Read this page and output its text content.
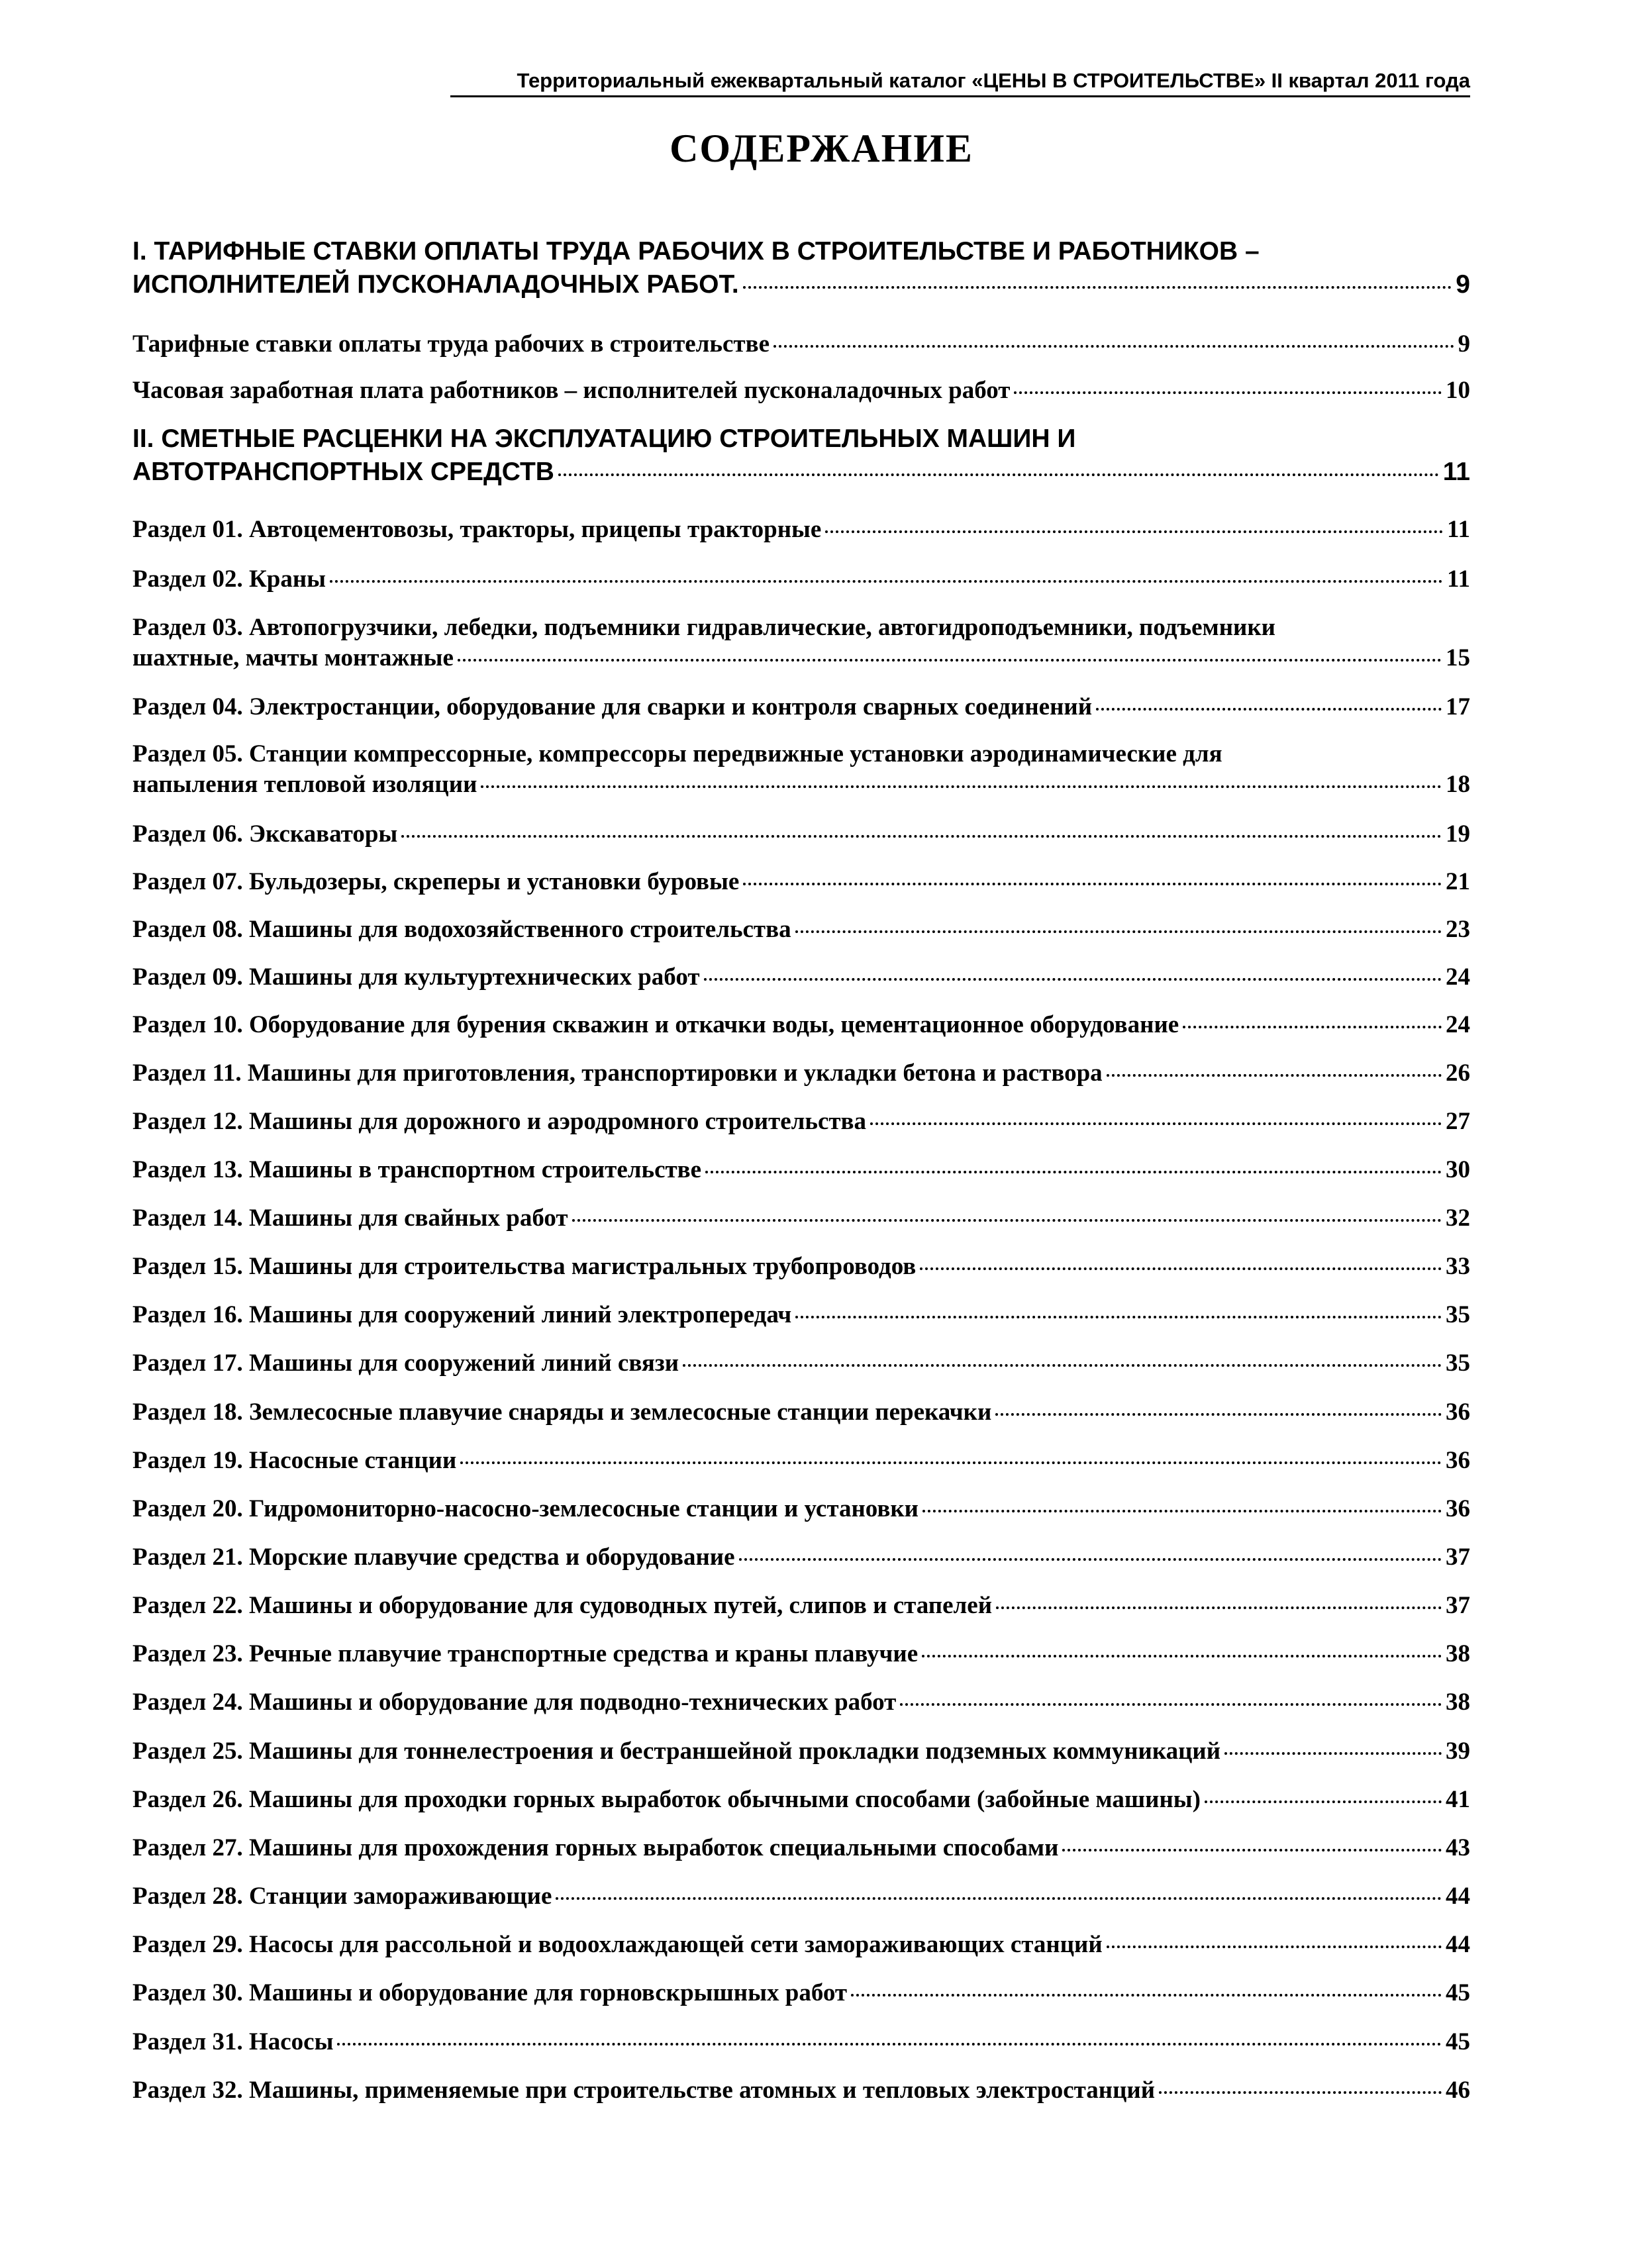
Территориальный ежеквартальный каталог «ЦЕНЫ В СТРОИТЕЛЬСТВЕ» II квартал 2011 года
СОДЕРЖАНИЕ
I. ТАРИФНЫЕ СТАВКИ ОПЛАТЫ ТРУДА РАБОЧИХ В СТРОИТЕЛЬСТВЕ И РАБОТНИКОВ –
ИСПОЛНИТЕЛЕЙ ПУСКОНАЛАДОЧНЫХ РАБОТ.	9
Тарифные ставки оплаты труда рабочих в строительстве	9
Часовая заработная плата работников – исполнителей пусконаладочных работ	10
II. СМЕТНЫЕ РАСЦЕНКИ НА ЭКСПЛУАТАЦИЮ СТРОИТЕЛЬНЫХ МАШИН И
АВТОТРАНСПОРТНЫХ СРЕДСТВ	11
Раздел 01. Автоцементовозы, тракторы, прицепы тракторные	11
Раздел 02. Краны	11
Раздел 03. Автопогрузчики, лебедки, подъемники гидравлические, автогидроподъемники, подъемники
шахтные, мачты монтажные	15
Раздел 04. Электростанции, оборудование для сварки и контроля сварных соединений	17
Раздел 05. Станции компрессорные, компрессоры передвижные установки аэродинамические для
напыления тепловой изоляции	18
Раздел 06. Экскаваторы	19
Раздел 07. Бульдозеры, скреперы и установки буровые	21
Раздел 08. Машины для водохозяйственного строительства	23
Раздел 09. Машины для культуртехнических работ	24
Раздел 10. Оборудование для бурения скважин и откачки воды, цементационное оборудование	24
Раздел 11. Машины для приготовления, транспортировки и укладки бетона и раствора	26
Раздел 12. Машины для дорожного и аэродромного строительства	27
Раздел 13. Машины в транспортном строительстве	30
Раздел 14. Машины для свайных работ	32
Раздел 15. Машины для строительства магистральных трубопроводов	33
Раздел 16. Машины для сооружений линий электропередач	35
Раздел 17. Машины для сооружений линий связи	35
Раздел 18. Землесосные плавучие снаряды и землесосные станции перекачки	36
Раздел 19. Насосные станции	36
Раздел 20. Гидромониторно-насосно-землесосные станции и установки	36
Раздел 21. Морские плавучие средства и оборудование	37
Раздел 22. Машины и оборудование для судоводных путей, слипов и стапелей	37
Раздел 23. Речные плавучие транспортные средства и краны плавучие	38
Раздел 24. Машины и оборудование для подводно-технических работ	38
Раздел 25. Машины для тоннелестроения и бестраншейной прокладки подземных коммуникаций	39
Раздел 26. Машины для проходки горных выработок обычными способами (забойные машины)	41
Раздел 27. Машины для прохождения горных выработок специальными способами	43
Раздел 28. Станции замораживающие	44
Раздел 29. Насосы для рассольной и водоохлаждающей сети замораживающих станций	44
Раздел 30. Машины и оборудование для горновскрышных работ	45
Раздел 31. Насосы	45
Раздел 32. Машины, применяемые при строительстве атомных и тепловых электростанций	46
